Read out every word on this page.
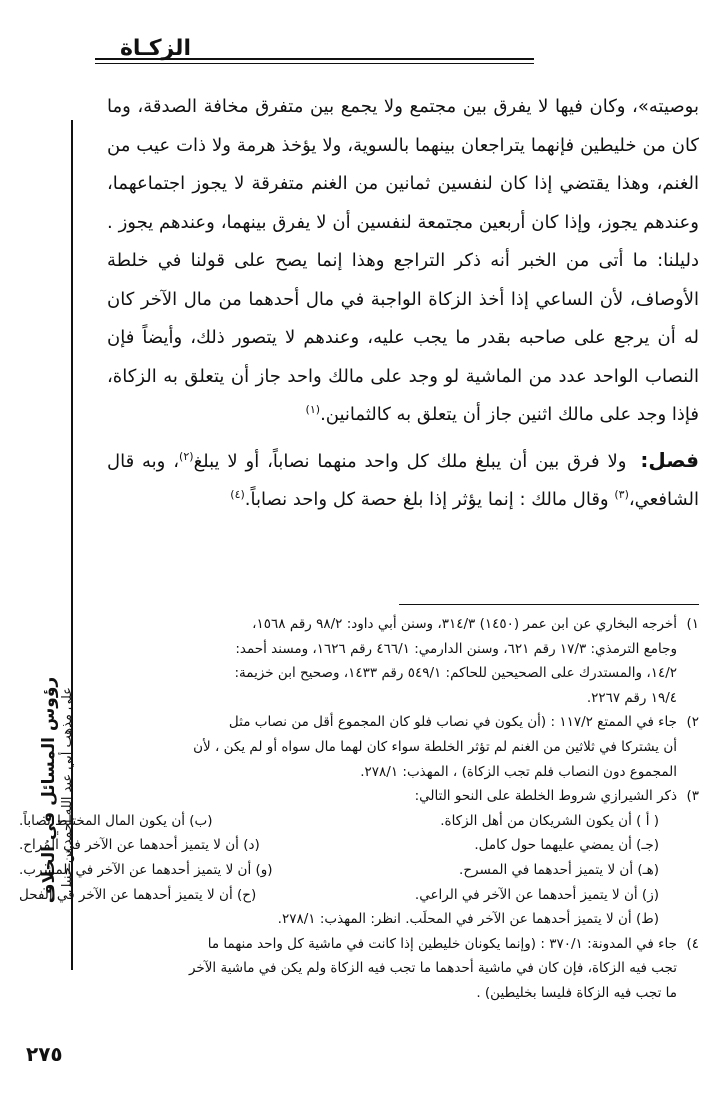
الزكـاة
رؤوس المسائل في الخلاف على مذهب أبي عبد الله أحمد بن حنبل

بوصيته»، وكان فيها لا يفرق بين مجتمع ولا يجمع بين متفرق مخافة الصدقة، وما كان من خليطين فإنهما يتراجعان بينهما بالسوية، ولا يؤخذ هرمة ولا ذات عيب من الغنم، وهذا يقتضي إذا كان لنفسين ثمانين من الغنم متفرقة لا يجوز اجتماعهما، وعندهم يجوز، وإذا كان أربعين مجتمعة لنفسين أن لا يفرق بينهما، وعندهم يجوز . دليلنا: ما أتى من الخبر أنه ذكر التراجع وهذا إنما يصح على قولنا في خلطة الأوصاف، لأن الساعي إذا أخذ الزكاة الواجبة في مال أحدهما من مال الآخر كان له أن يرجع على صاحبه بقدر ما يجب عليه، وعندهم لا يتصور ذلك، وأيضاً فإن النصاب الواحد عدد من الماشية لو وجد على مالك واحد جاز أن يتعلق به الزكاة، فإذا وجد على مالك اثنين جاز أن يتعلق به كالثمانين.$^{(١)}$

فصل: ولا فرق بين أن يبلغ ملك كل واحد منهما نصاباً، أو لا يبلغ$^{(٢)}$، وبه قال الشافعي،$^{(٣)}$ وقال مالك : إنما يؤثر إذا بلغ حصة كل واحد نصاباً.$^{(٤)}$

١)
أخرجه البخاري عن ابن عمر (١٤٥٠) ٣١٤/٣، وسنن أبي داود: ٩٨/٢ رقم ١٥٦٨،
وجامع الترمذي: ١٧/٣ رقم ٦٢١، وسنن الدارمي: ٤٦٦/١ رقم ١٦٢٦، ومسند أحمد:
١٤/٢، والمستدرك على الصحيحين للحاكم: ٥٤٩/١ رقم ١٤٣٣، وصحيح ابن خزيمة:
١٩/٤ رقم ٢٢٦٧.
٢)
جاء في الممتع ١١٧/٢ : (أن يكون في نصاب فلو كان المجموع أقل من نصاب مثل
أن يشتركا في ثلاثين من الغنم لم تؤثر الخلطة سواء كان لهما مال سواه أو لم يكن ، لأن
المجموع دون النصاب فلم تجب الزكاة) ، المهذب: ٢٧٨/١.
٣)
ذكر الشيرازي شروط الخلطة على النحو التالي:
( أ ) أن يكون الشريكان من أهل الزكاة.
(ب) أن يكون المال المختلط نصاباً.
(جـ) أن يمضي عليهما حول كامل.
(د) أن لا يتميز أحدهما عن الآخر في المُراح.
(هـ) أن لا يتميز أحدهما في المسرح.
(و) أن لا يتميز أحدهما عن الآخر في المشرب.
(ز) أن لا يتميز أحدهما عن الآخر في الراعي.
(ح) أن لا يتميز أحدهما عن الآخر في الفحل
(ط) أن لا يتميز أحدهما عن الآخر في المحلَب. انظر: المهذب: ٢٧٨/١.
٤)
جاء في المدونة: ٣٧٠/١ : (وإنما يكونان خليطين إذا كانت في ماشية كل واحد منهما ما
تجب فيه الزكاة، فإن كان في ماشية أحدهما ما تجب فيه الزكاة ولم يكن في ماشية الآخر
ما تجب فيه الزكاة فليسا بخليطين) .
٢٧٥
